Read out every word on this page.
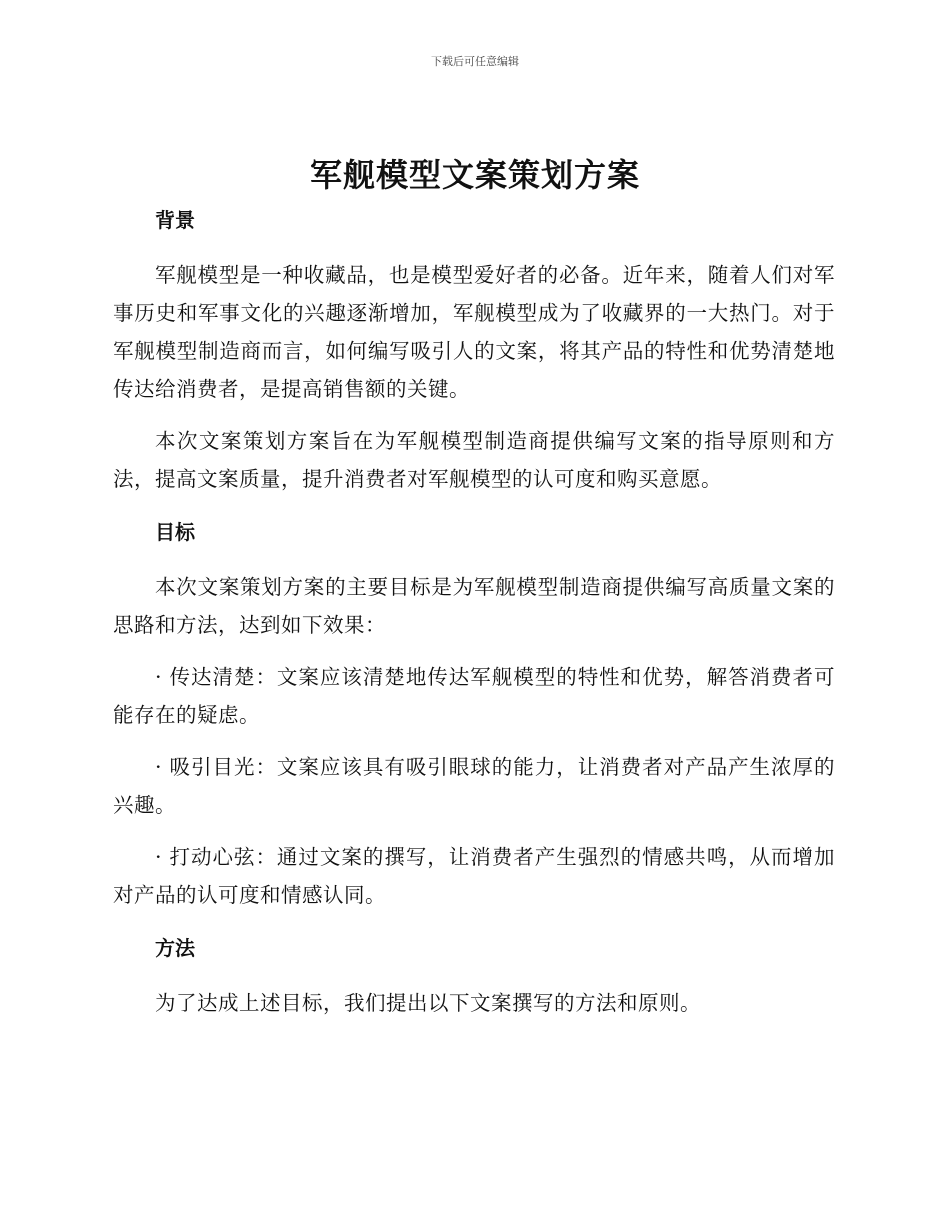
下载后可任意编辑
军舰模型文案策划方案
背景

军舰模型是一种收藏品，也是模型爱好者的必备。近年来，随着人们对军事历史和军事文化的兴趣逐渐增加，军舰模型成为了收藏界的一大热门。对于军舰模型制造商而言，如何编写吸引人的文案，将其产品的特性和优势清楚地传达给消费者，是提高销售额的关键。

本次文案策划方案旨在为军舰模型制造商提供编写文案的指导原则和方法，提高文案质量，提升消费者对军舰模型的认可度和购买意愿。

目标

本次文案策划方案的主要目标是为军舰模型制造商提供编写高质量文案的思路和方法，达到如下效果：

· 传达清楚：文案应该清楚地传达军舰模型的特性和优势，解答消费者可能存在的疑虑。

· 吸引目光：文案应该具有吸引眼球的能力，让消费者对产品产生浓厚的兴趣。

· 打动心弦：通过文案的撰写，让消费者产生强烈的情感共鸣，从而增加对产品的认可度和情感认同。

方法

为了达成上述目标，我们提出以下文案撰写的方法和原则。
